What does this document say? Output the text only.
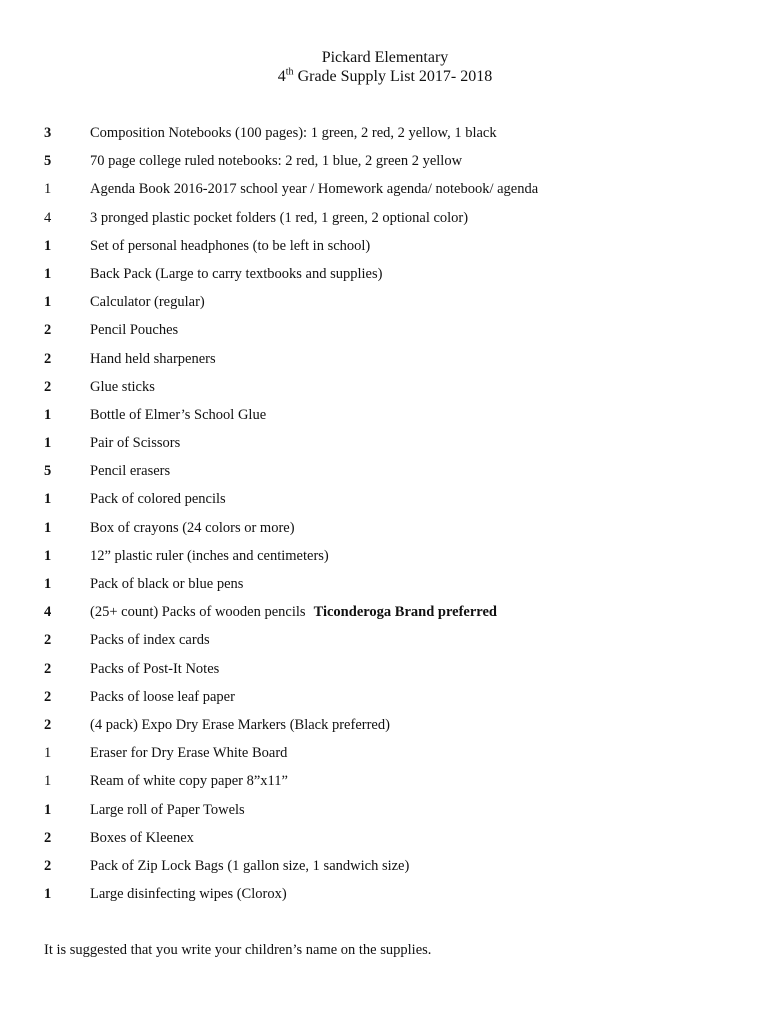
Pickard Elementary
4th Grade Supply List 2017- 2018
3	Composition Notebooks (100 pages): 1 green, 2 red, 2 yellow, 1 black
5	70 page college ruled notebooks: 2 red, 1 blue, 2 green 2 yellow
1	Agenda Book 2016-2017 school year / Homework agenda/ notebook/ agenda
4	3 pronged plastic pocket folders (1 red, 1 green, 2 optional color)
1	Set of personal headphones (to be left in school)
1	Back Pack (Large to carry textbooks and supplies)
1	Calculator (regular)
2	Pencil Pouches
2	Hand held sharpeners
2	Glue sticks
1	Bottle of Elmer’s School Glue
1	Pair of Scissors
5	Pencil erasers
1	Pack of colored pencils
1	Box of crayons (24 colors or more)
1	12” plastic ruler (inches and centimeters)
1	Pack of black or blue pens
4	(25+ count) Packs of wooden pencils Ticonderoga Brand preferred
2	Packs of index cards
2	Packs of Post-It Notes
2	Packs of loose leaf paper
2	(4 pack) Expo Dry Erase Markers (Black preferred)
1	Eraser for Dry Erase White Board
1	Ream of white copy paper 8”x11”
1	Large roll of Paper Towels
2	Boxes of Kleenex
2	Pack of Zip Lock Bags (1 gallon size, 1 sandwich size)
1	Large disinfecting wipes (Clorox)
It is suggested that you write your children’s name on the supplies.
